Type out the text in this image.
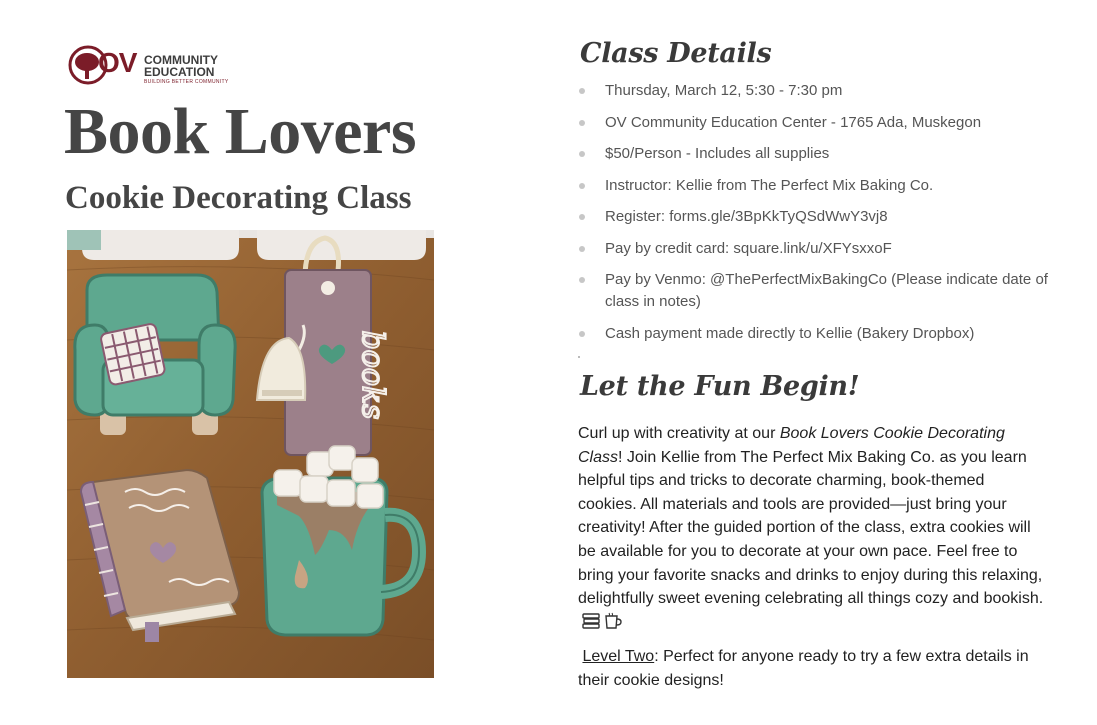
OV COMMUNITY
EDUCATION
BUILDING BETTER COMMUNITY
Book Lovers
Cookie Decorating Class
books
Class Details
Thursday, March 12, 5:30 - 7:30 pm
OV Community Education Center - 1765 Ada, Muskegon
$50/Person - Includes all supplies
Instructor: Kellie from The Perfect Mix Baking Co.
Register: forms.gle/3BpKkTyQSdWwY3vj8
Pay by credit card: square.link/u/XFYsxxoF
Pay by Venmo: @ThePerfectMixBakingCo (Please indicate date of class in notes)
Cash payment made directly to Kellie (Bakery Dropbox)
Let the Fun Begin!

Curl up with creativity at our Book Lovers Cookie Decorating Class! Join Kellie from The Perfect Mix Baking Co. as you learn helpful tips and tricks to decorate charming, book-themed cookies. All materials and tools are provided—just bring your creativity! After the guided portion of the class, extra cookies will be available for you to decorate at your own pace. Feel free to bring your favorite snacks and drinks to enjoy during this relaxing, delightfully sweet evening celebrating all things cozy and bookish.

Level Two: Perfect for anyone ready to try a few extra details in their cookie designs!
